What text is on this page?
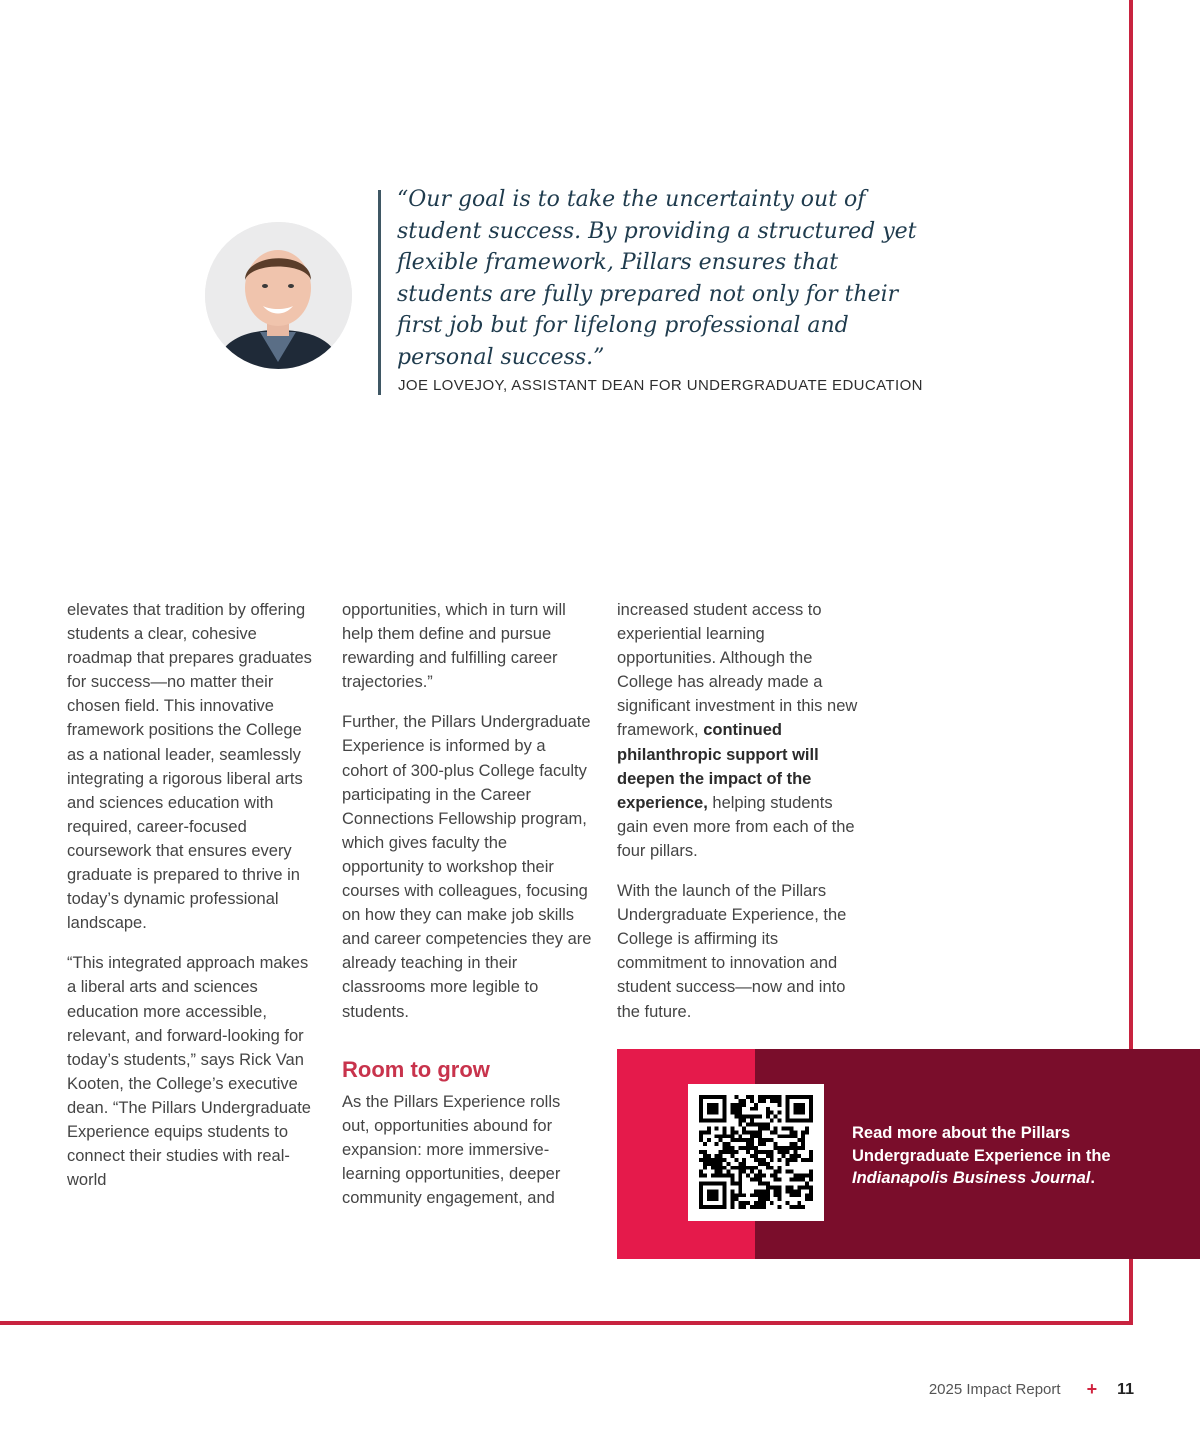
“Our goal is to take the uncertainty out of student success. By providing a structured yet flexible framework, Pillars ensures that students are fully prepared not only for their first job but for lifelong professional and personal success.”

JOE LOVEJOY, ASSISTANT DEAN FOR UNDERGRADUATE EDUCATION

elevates that tradition by offering students a clear, cohesive roadmap that prepares graduates for success—no matter their chosen field. This innovative framework positions the College as a national leader, seamlessly integrating a rigorous liberal arts and sciences education with required, career-focused coursework that ensures every graduate is prepared to thrive in today’s dynamic professional landscape.

“This integrated approach makes a liberal arts and sciences education more accessible, relevant, and forward-looking for today’s students,” says Rick Van Kooten, the College’s executive dean. “The Pillars Undergraduate Experience equips students to connect their studies with real-world

opportunities, which in turn will help them define and pursue rewarding and fulfilling career trajectories.”

Further, the Pillars Undergraduate Experience is informed by a cohort of 300-plus College faculty participating in the Career Connections Fellowship program, which gives faculty the opportunity to workshop their courses with colleagues, focusing on how they can make job skills and career competencies they are already teaching in their classrooms more legible to students.

Room to grow

As the Pillars Experience rolls out, opportunities abound for expansion: more immersive-learning opportunities, deeper community engagement, and

increased student access to experiential learning opportunities. Although the College has already made a significant investment in this new framework, continued philanthropic support will deepen the impact of the experience, helping students gain even more from each of the four pillars.

With the launch of the Pillars Undergraduate Experience, the College is affirming its commitment to innovation and student success—now and into the future.

Read more about the Pillars Undergraduate Experience in the Indianapolis Business Journal.

2025 Impact Report + 11
